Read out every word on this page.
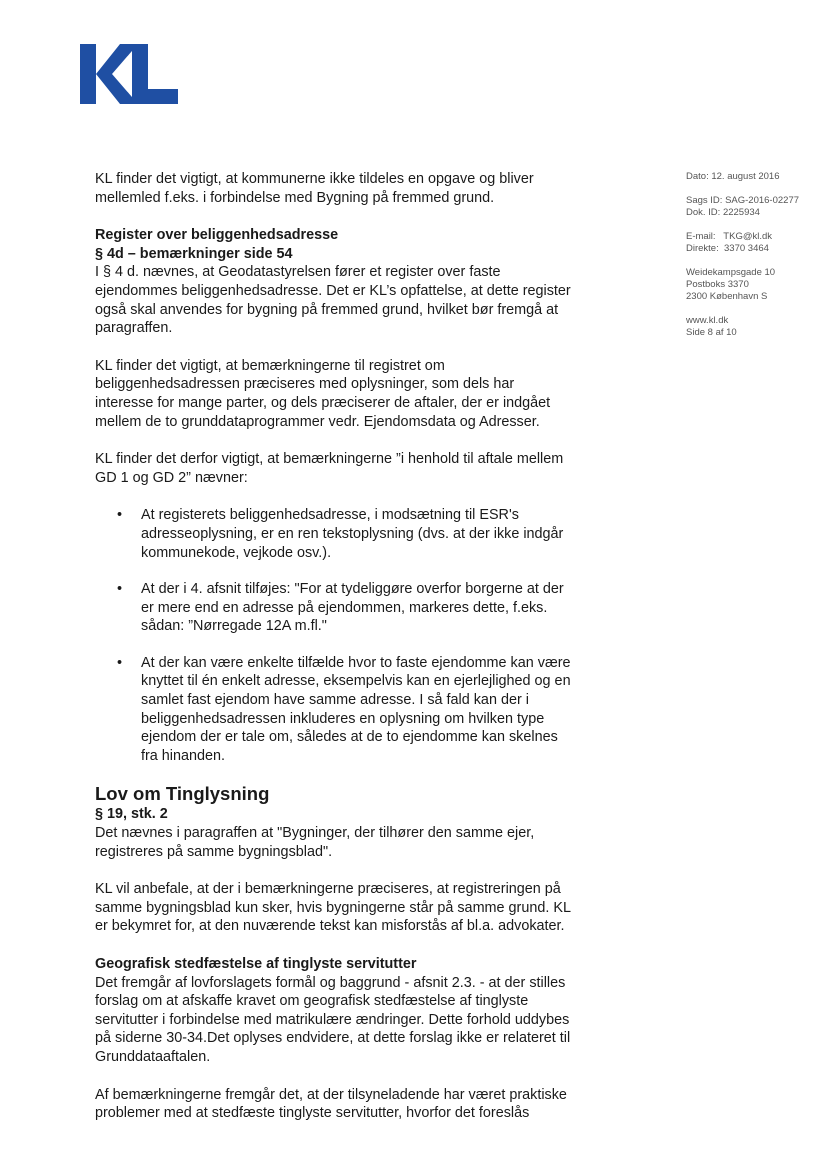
Dato: 12. august 2016
Sags ID: SAG-2016-02277
Dok. ID: 2225934
E-mail:   TKG@kl.dk
Direkte:  3370 3464
Weidekampsgade 10
Postboks 3370
2300 København S
www.kl.dk
Side 8 af 10

KL finder det vigtigt, at kommunerne ikke tildeles en opgave og bliver mellemled f.eks. i forbindelse med Bygning på fremmed grund.

Register over beliggenhedsadresse

§ 4d – bemærkninger side 54

I § 4 d. nævnes, at Geodatastyrelsen fører et register over faste ejendommes beliggenhedsadresse. Det er KL’s opfattelse, at dette register også skal anvendes for bygning på fremmed grund, hvilket bør fremgå at paragraffen.

KL finder det vigtigt, at bemærkningerne til registret om beliggenhedsadressen præciseres med oplysninger, som dels har interesse for mange parter, og dels præciserer de aftaler, der er indgået mellem de to grunddataprogrammer vedr. Ejendomsdata og Adresser.

KL finder det derfor vigtigt, at bemærkningerne ”i henhold til aftale mellem GD 1 og GD 2” nævner:

• At registerets beliggenhedsadresse, i modsætning til ESR's adresseoplysning, er en ren tekstoplysning (dvs. at der ikke indgår kommunekode, vejkode osv.).
• At der i 4. afsnit tilføjes: "For at tydeliggøre overfor borgerne at der er mere end en adresse på ejendommen, markeres dette, f.eks. sådan: ”Nørregade 12A m.fl."
• At der kan være enkelte tilfælde hvor to faste ejendomme kan være knyttet til én enkelt adresse, eksempelvis kan en ejerlejlighed og en samlet fast ejendom have samme adresse. I så fald kan der i beliggenhedsadressen inkluderes en oplysning om hvilken type ejendom der er tale om, således at de to ejendomme kan skelnes fra hinanden.

Lov om Tinglysning

§ 19, stk. 2

Det nævnes i paragraffen at "Bygninger, der tilhører den samme ejer, registreres på samme bygningsblad".

KL vil anbefale, at der i bemærkningerne præciseres, at registreringen på samme bygningsblad kun sker, hvis bygningerne står på samme grund. KL er bekymret for, at den nuværende tekst kan misforstås af bl.a. advokater.

Geografisk stedfæstelse af tinglyste servitutter

Det fremgår af lovforslagets formål og baggrund - afsnit 2.3. - at der stilles forslag om at afskaffe kravet om geografisk stedfæstelse af tinglyste servitutter i forbindelse med matrikulære ændringer. Dette forhold uddybes på siderne 30-34.Det oplyses endvidere, at dette forslag ikke er relateret til Grunddataaftalen.

Af bemærkningerne fremgår det, at der tilsyneladende har været praktiske problemer med at stedfæste tinglyste servitutter, hvorfor det foreslås
